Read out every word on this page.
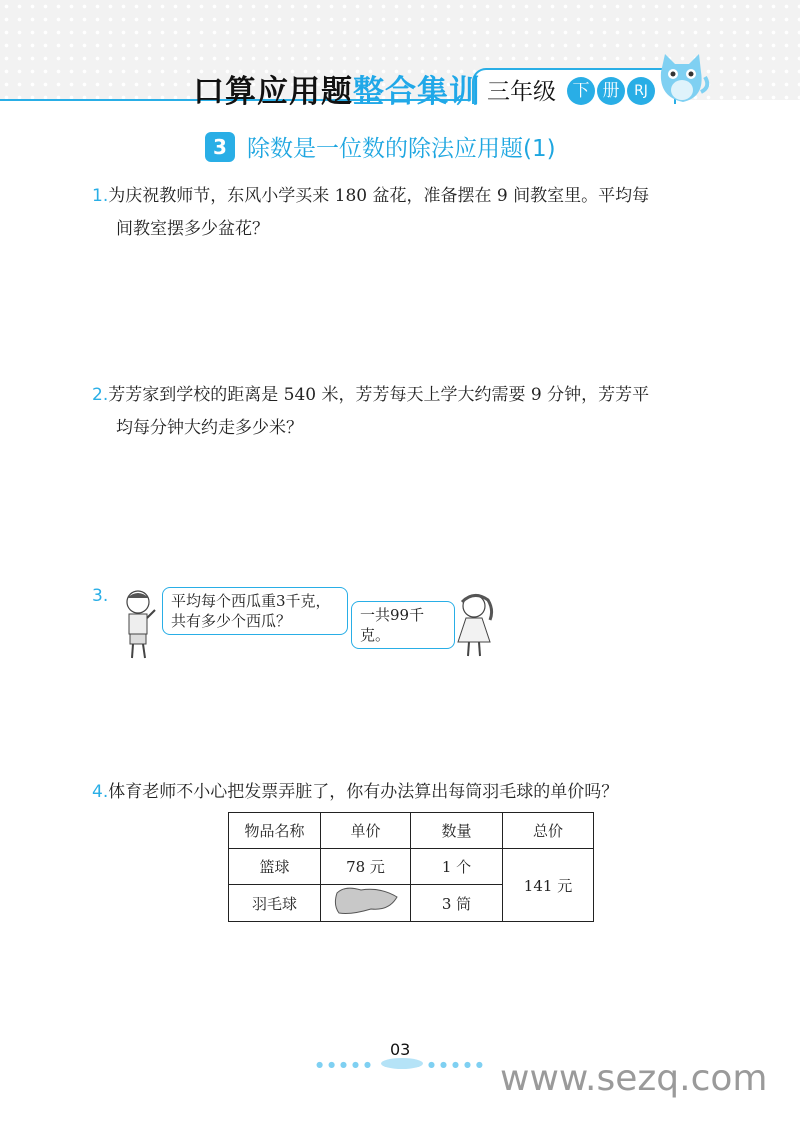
口算应用题整合集训 三年级 下 册	RJ
3 除数是一位数的除法应用题(1)
1.为庆祝教师节，东风小学买来 180 盆花，准备摆在 9 间教室里。平均每
间教室摆多少盆花？
2.芳芳家到学校的距离是 540 米，芳芳每天上学大约需要 9 分钟，芳芳平
均每分钟大约走多少米？
3.	平均每个西瓜重3千克，
共有多少个西瓜？	一共99千克。
4.体育老师不小心把发票弄脏了，你有办法算出每筒羽毛球的单价吗？
物品名称	单价	数量	总价
篮球	78 元	1 个	141 元
羽毛球		3 筒	
●●●●●	●●●●●
03
www.sezq.com
